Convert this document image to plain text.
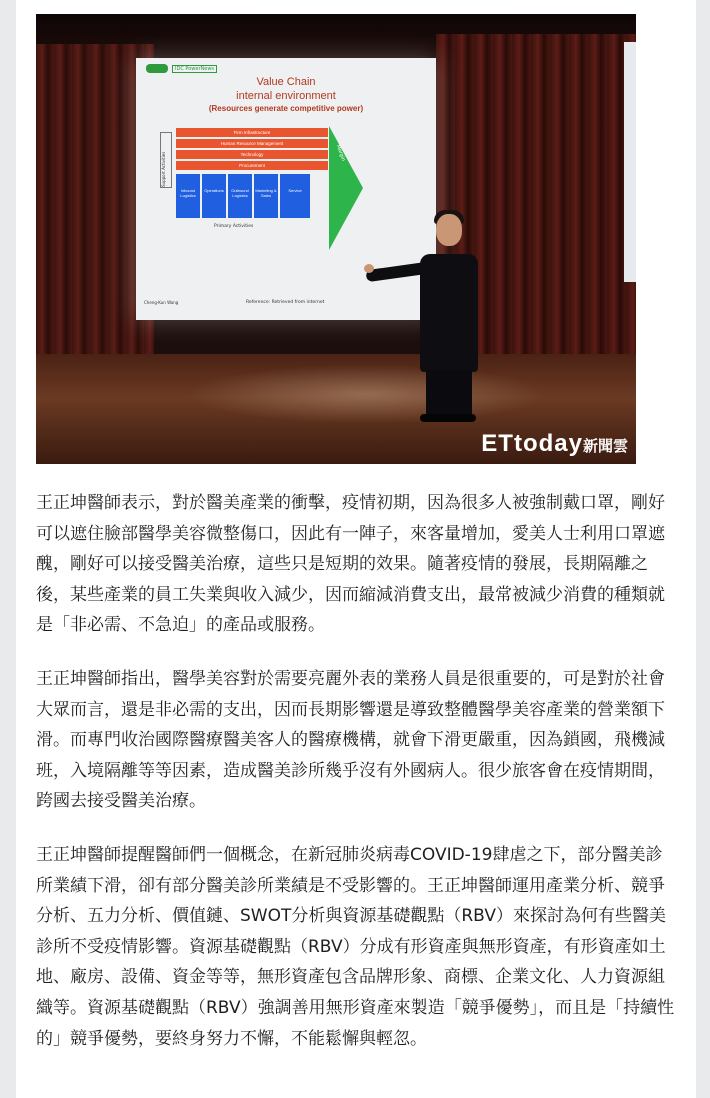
IDC PowerNews
Value Chain
internal environment
(Resources generate competitive power)
Support Activities
Firm Infrastructure
Human Resource Management
Technology
Procurement
Inbound Logistics
Operations	Outbound Logistics
Marketing & Sales
Service
Margin
Primary Activities
Cheng-Kun Wang	Reference: Retrieved from internet
ETtoday新聞雲

王正坤醫師表示，對於醫美產業的衝擊，疫情初期，因為很多人被強制戴口罩，剛好可以遮住臉部醫學美容微整傷口，因此有一陣子，來客量增加，愛美人士利用口罩遮醜，剛好可以接受醫美治療，這些只是短期的效果。隨著疫情的發展，長期隔離之後，某些產業的員工失業與收入減少，因而縮減消費支出，最常被減少消費的種類就是「非必需、不急迫」的產品或服務。

王正坤醫師指出，醫學美容對於需要亮麗外表的業務人員是很重要的，可是對於社會大眾而言，還是非必需的支出，因而長期影響還是導致整體醫學美容產業的營業額下滑。而專門收治國際醫療醫美客人的醫療機構，就會下滑更嚴重，因為鎖國，飛機減班，入境隔離等等因素，造成醫美診所幾乎沒有外國病人。很少旅客會在疫情期間，跨國去接受醫美治療。

王正坤醫師提醒醫師們一個概念，在新冠肺炎病毒COVID-19肆虐之下，部分醫美診所業績下滑，卻有部分醫美診所業績是不受影響的。王正坤醫師運用產業分析、競爭分析、五力分析、價值鏈、SWOT分析與資源基礎觀點（RBV）來探討為何有些醫美診所不受疫情影響。資源基礎觀點（RBV）分成有形資產與無形資產，有形資產如土地、廠房、設備、資金等等，無形資產包含品牌形象、商標、企業文化、人力資源組織等。資源基礎觀點（RBV）強調善用無形資產來製造「競爭優勢」，而且是「持續性的」競爭優勢，要終身努力不懈，不能鬆懈與輕忽。
